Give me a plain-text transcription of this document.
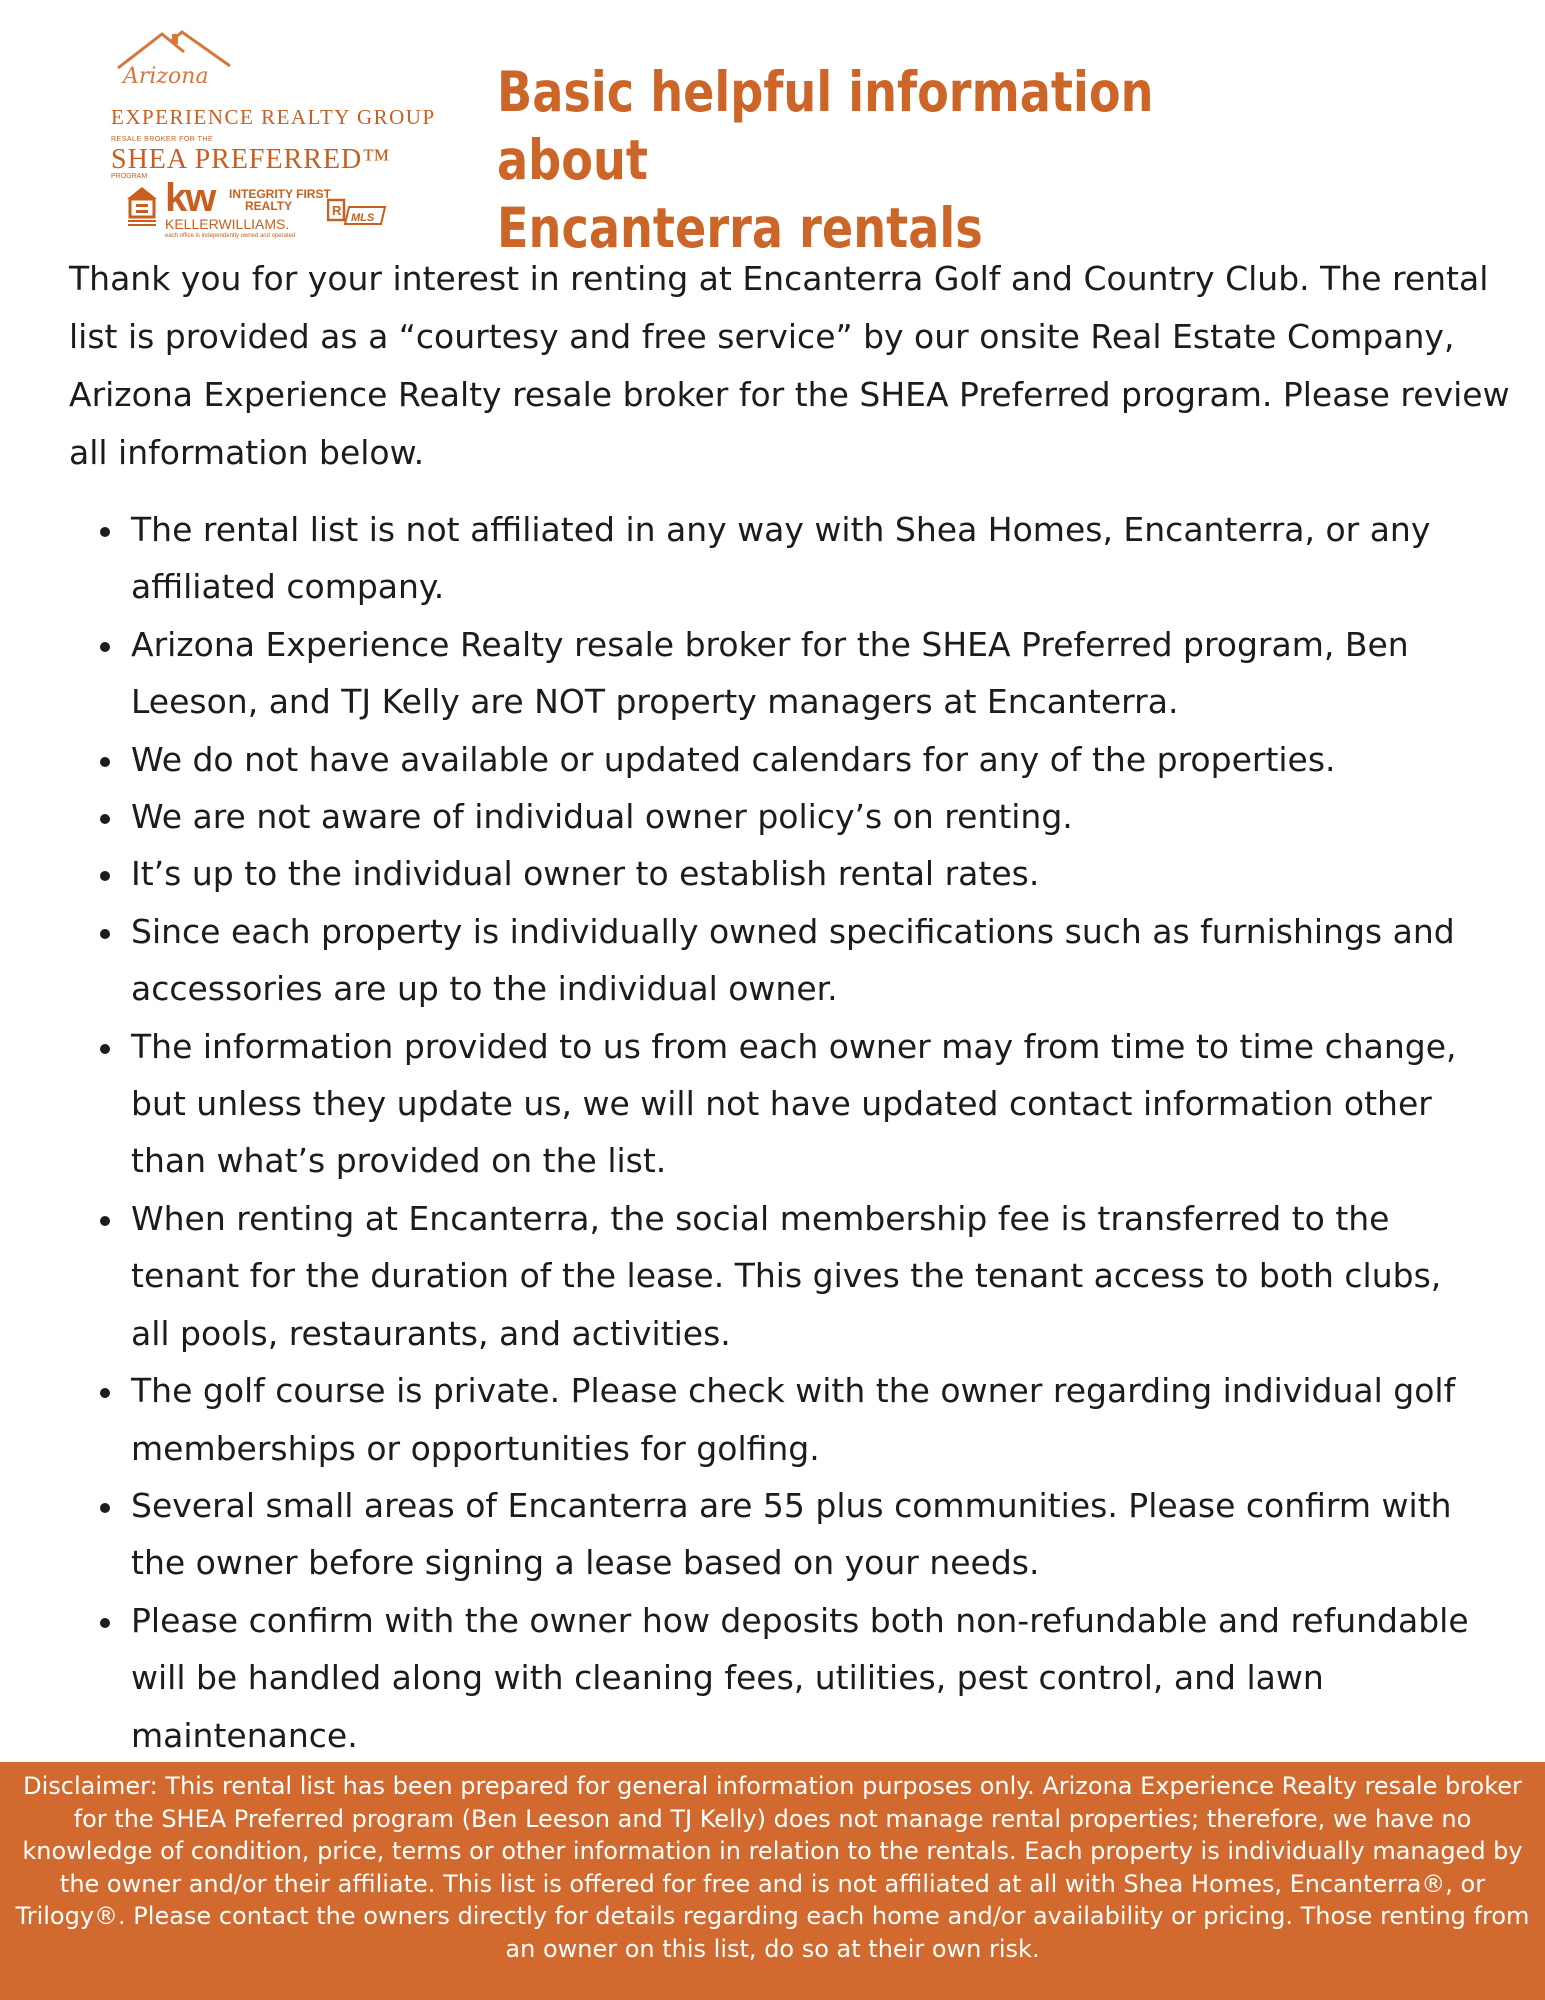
Arizona
EXPERIENCE REALTY GROUP
RESALE BROKER FOR THE
SHEA PREFERRED™
PROGRAM kw INTEGRITY FIRST
REALTY
KELLERWILLIAMS.
each office is independently owned and operated
R MLS
Basic helpful information about
Encanterra rentals

Thank you for your interest in renting at Encanterra Golf and Country Club. The rental list is provided as a “courtesy and free service” by our onsite Real Estate Company, Arizona Experience Realty resale broker for the SHEA Preferred program. Please review all information below.

The rental list is not affiliated in any way with Shea Homes, Encanterra, or any affiliated company.
Arizona Experience Realty resale broker for the SHEA Preferred program, Ben Leeson, and TJ Kelly are NOT property managers at Encanterra.
We do not have available or updated calendars for any of the properties.
We are not aware of individual owner policy’s on renting.
It’s up to the individual owner to establish rental rates.
Since each property is individually owned specifications such as furnishings and accessories are up to the individual owner.
The information provided to us from each owner may from time to time change, but unless they update us, we will not have updated contact information other than what’s provided on the list.
When renting at Encanterra, the social membership fee is transferred to the tenant for the duration of the lease. This gives the tenant access to both clubs, all pools, restaurants, and activities.
The golf course is private. Please check with the owner regarding individual golf memberships or opportunities for golfing.
Several small areas of Encanterra are 55 plus communities. Please confirm with the owner before signing a lease based on your needs.
Please confirm with the owner how deposits both non-refundable and refundable will be handled along with cleaning fees, utilities, pest control, and lawn maintenance.
Disclaimer: This rental list has been prepared for general information purposes only. Arizona Experience Realty resale broker for the SHEA Preferred program (Ben Leeson and TJ Kelly) does not manage rental properties; therefore, we have no knowledge of condition, price, terms or other information in relation to the rentals. Each property is individually managed by the owner and/or their affiliate. This list is offered for free and is not affiliated at all with Shea Homes, Encanterra®, or Trilogy®. Please contact the owners directly for details regarding each home and/or availability or pricing. Those renting from an owner on this list, do so at their own risk.
